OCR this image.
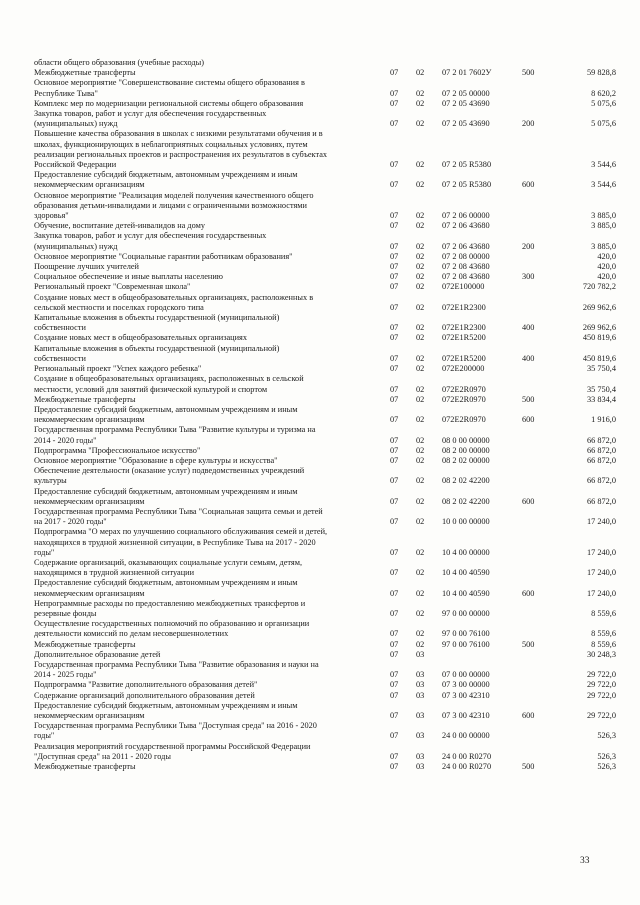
области общего образования (учебные расходы)
Межбюджетные трансферты	07	02	07 2 01 7602У	500	59 828,8
Основное мероприятие "Совершенствование системы общего образования в
Республике Тыва"	07	02	07 2 05 00000	8 620,2
Комплекс мер по модернизации региональной системы общего образования	07	02	07 2 05 43690	5 075,6
Закупка товаров, работ и услуг для обеспечения государственных
(муниципальных) нужд	07	02	07 2 05 43690	200	5 075,6
Повышение качества образования в школах с низкими результатами обучения и в
школах, функционирующих в неблагоприятных социальных условиях, путем
реализации региональных проектов и распространения их результатов в субъектах
Российской Федерации	07	02	07 2 05 R5380	3 544,6
Предоставление субсидий бюджетным, автономным учреждениям и иным
некоммерческим организациям	07	02	07 2 05 R5380	600	3 544,6
Основное мероприятие "Реализация моделей получения качественного общего
образования детьми-инвалидами и лицами с ограниченными возможностями
здоровья"	07	02	07 2 06 00000	3 885,0
Обучение, воспитание детей-инвалидов на дому	07	02	07 2 06 43680	3 885,0
Закупка товаров, работ и услуг для обеспечения государственных
(муниципальных) нужд	07	02	07 2 06 43680	200	3 885,0
Основное мероприятие "Социальные гарантии работникам образования"	07	02	07 2 08 00000	420,0
Поощрение лучших учителей	07	02	07 2 08 43680	420,0
Социальное обеспечение и иные выплаты населению	07	02	07 2 08 43680	300	420,0
Региональный проект "Современная школа"	07	02	072E100000	720 782,2
Создание новых мест в общеобразовательных организациях, расположенных в
сельской местности и поселках городского типа	07	02	072E1R2300	269 962,6
Капитальные вложения в объекты государственной (муниципальной)
собственности	07	02	072E1R2300	400	269 962,6
Создание новых мест в общеобразовательных организациях	07	02	072E1R5200	450 819,6
Капитальные вложения в объекты государственной (муниципальной)
собственности	07	02	072E1R5200	400	450 819,6
Региональный проект "Успех каждого ребенка"	07	02	072E200000	35 750,4
Создание в общеобразовательных организациях, расположенных в сельской
местности, условий для занятий физической культурой и спортом	07	02	072E2R0970	35 750,4
Межбюджетные трансферты	07	02	072E2R0970	500	33 834,4
Предоставление субсидий бюджетным, автономным учреждениям и иным
некоммерческим организациям	07	02	072E2R0970	600	1 916,0
Государственная программа Республики Тыва "Развитие культуры и туризма на
2014 - 2020 годы"	07	02	08 0 00 00000	66 872,0
Подпрограмма "Профессиональное искусство"	07	02	08 2 00 00000	66 872,0
Основное мероприятие "Образование в сфере культуры и искусства"	07	02	08 2 02 00000	66 872,0
Обеспечение деятельности (оказание услуг) подведомственных учреждений
культуры	07	02	08 2 02 42200	66 872,0
Предоставление субсидий бюджетным, автономным учреждениям и иным
некоммерческим организациям	07	02	08 2 02 42200	600	66 872,0
Государственная программа Республики Тыва "Социальная защита семьи и детей
на 2017 - 2020 годы"	07	02	10 0 00 00000	17 240,0
Подпрограмма "О мерах по улучшению социального обслуживания семей и детей,
находящихся в трудной жизненной ситуации, в Республике Тыва на 2017 - 2020
годы"	07	02	10 4 00 00000	17 240,0
Содержание организаций, оказывающих социальные услуги семьям, детям,
находящимся в трудной жизненной ситуации	07	02	10 4 00 40590	17 240,0
Предоставление субсидий бюджетным, автономным учреждениям и иным
некоммерческим организациям	07	02	10 4 00 40590	600	17 240,0
Непрограммные расходы по предоставлению межбюджетных трансфертов и
резервные фонды	07	02	97 0 00 00000	8 559,6
Осуществление государственных полномочий по образованию и организации
деятельности комиссий по делам несовершеннолетних	07	02	97 0 00 76100	8 559,6
Межбюджетные трансферты	07	02	97 0 00 76100	500	8 559,6
Дополнительное образование детей	07	03	30 248,3
Государственная программа Республики Тыва "Развитие образования и науки на
2014 - 2025 годы"	07	03	07 0 00 00000	29 722,0
Подпрограмма "Развитие дополнительного образования детей"	07	03	07 3 00 00000	29 722,0
Содержание организаций дополнительного образования детей	07	03	07 3 00 42310	29 722,0
Предоставление субсидий бюджетным, автономным учреждениям и иным
некоммерческим организациям	07	03	07 3 00 42310	600	29 722,0
Государственная программа Республики Тыва "Доступная среда" на 2016 - 2020
годы"	07	03	24 0 00 00000	526,3
Реализация мероприятий государственной программы Российской Федерации
"Доступная среда" на 2011 - 2020 годы	07	03	24 0 00 R0270	526,3
Межбюджетные трансферты	07	03	24 0 00 R0270	500	526,3
33
